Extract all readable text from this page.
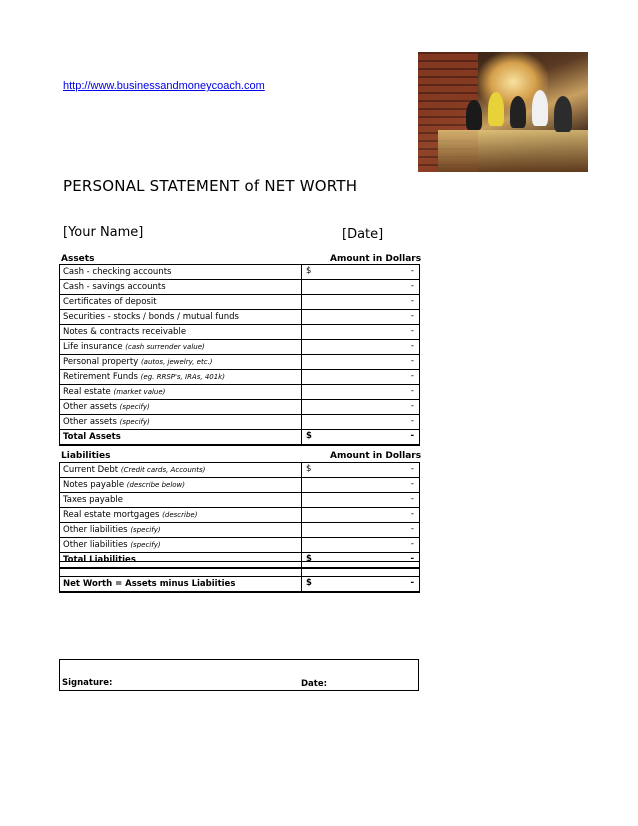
http://www.businessandmoneycoach.com
PERSONAL STATEMENT of NET WORTH
[Your Name]	[Date]
Assets	Amount in Dollars
Cash - checking accounts	$ -

Cash - savings accounts	-

Certificates of deposit	-

Securities - stocks / bonds / mutual funds	-

Notes & contracts receivable	-

Life insurance (cash surrender value)	-

Personal property (autos, jewelry, etc.)	-

Retirement Funds (eg. RRSP's, IRAs, 401k)	-

Real estate (market value)	-

Other assets (specify)	-

Other assets (specify)	-

Total Assets	$ -
Liabilities	Amount in Dollars
Current Debt (Credit cards, Accounts)	$ -

Notes payable (describe below)	-

Taxes payable	-

Real estate mortgages (describe)	-

Other liabilities (specify)	-

Other liabilities (specify)	-

Total Liabilities	$ -

Net Worth = Assets minus Liabiities	$ -
Signature:	Date:
